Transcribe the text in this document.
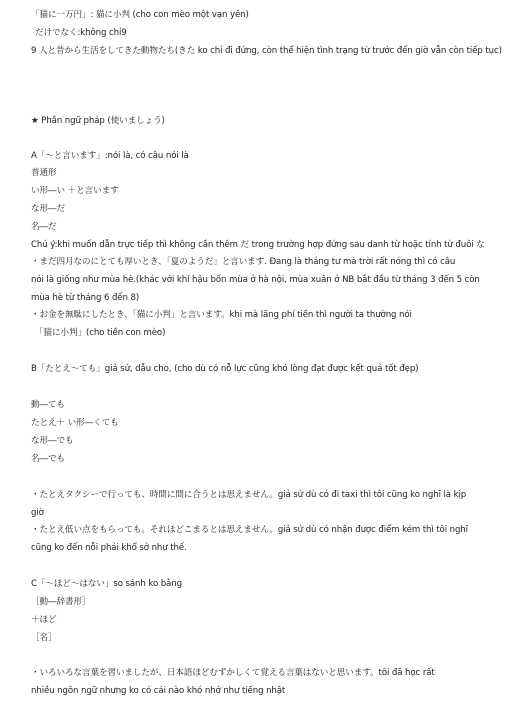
「猫に一万円」: 猫に小判 (cho con mèo một vạn yên)

だけでなく:không chỉ9

9 人と昔から生活をしてきた動物たち(きた ko chỉ đi đứng, còn thể hiện tình trạng từ trước đến giờ vẫn còn tiếp tục)

★ Phần ngữ pháp (使いましょう)

A「～と言います」:nói là, có câu nói là

普通形

い形―い ＋と言います

な形―だ

名―だ

Chú ý:khi muốn dẫn trực tiếp thì không cần thêm だ trong trường hợp đứng sau danh từ hoặc tính từ đuôi な

・まだ四月なのにとても厚いとき、「夏のようだ」と言います. Đang là tháng tư mà trời rất nóng thì có câu

nói là giống như mùa hè.(khác với khí hậu bốn mùa ở hà nội, mùa xuân ở NB bắt đầu từ tháng 3 đến 5 còn

mùa hè từ tháng 6 đến 8)

・お金を無駄にしたとき、「猫に小判」と言います。khi mà lãng phí tiền thì người ta thường nói

「猫に小判」(cho tiền con mèo)

B「たとえ～ても」giả sử, dẫu cho, (cho dù có nỗ lực cũng khó lòng đạt được kết quả tốt đẹp)

動―ても

たとえ＋ い形―くても

な形―でも

名―でも

・たとえタクシーで行っても、時間に間に合うとは思えません。giả sử dù có đi taxi thì tôi cũng ko nghĩ là kịp

giờ

・たとえ低い点をもらっても。それほどこまるとは思えません。giả sử dù có nhận được điểm kém thì tôi nghĩ

cũng ko đến nỗi phải khổ sở như thế.

C「～ほど～はない」so sánh ko bằng

［動―辞書形］

＋ほど

［名］

・いろいろな言葉を習いましたが、日本語ほどむずかしくて覚える言葉はないと思います。tôi đã học rất

nhiều ngôn ngữ nhưng ko có cái nào khó nhớ như tiếng nhật
